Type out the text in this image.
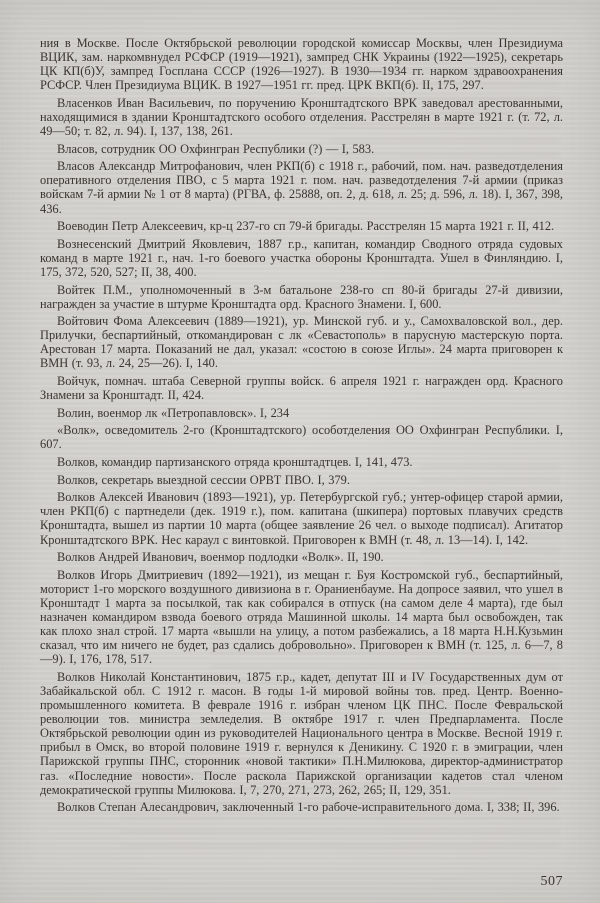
ния в Москве. После Октябрьской революции городской комиссар Москвы, член Президиума ВЦИК, зам. наркомвнудел РСФСР (1919—1921), зампред СНК Украины (1922—1925), секретарь ЦК КП(б)У, зампред Госплана СССР (1926—1927). В 1930—1934 гг. нарком здравоохранения РСФСР. Член Президиума ВЦИК. В 1927—1951 гг. пред. ЦРК ВКП(б). II, 175, 297.

Власенков Иван Васильевич, по поручению Кронштадтского ВРК заведовал арестованными, находящимися в здании Кронштадтского особого отделения. Расстрелян в марте 1921 г. (т. 72, л. 49—50; т. 82, л. 94). I, 137, 138, 261.

Власов, сотрудник ОО Охфингран Республики (?) — I, 583.

Власов Александр Митрофанович, член РКП(б) с 1918 г., рабочий, пом. нач. разведотделения оперативного отделения ПВО, с 5 марта 1921 г. пом. нач. разведотделения 7-й армии (приказ войскам 7-й армии № 1 от 8 марта) (РГВА, ф. 25888, оп. 2, д. 618, л. 25; д. 596, л. 18). I, 367, 398, 436.

Воеводин Петр Алексеевич, кр-ц 237-го сп 79-й бригады. Расстрелян 15 марта 1921 г. II, 412.

Вознесенский Дмитрий Яковлевич, 1887 г.р., капитан, командир Сводного отряда судовых команд в марте 1921 г., нач. 1-го боевого участка обороны Кронштадта. Ушел в Финляндию. I, 175, 372, 520, 527; II, 38, 400.

Войтек П.М., уполномоченный в 3-м батальоне 238-го сп 80-й бригады 27-й дивизии, награжден за участие в штурме Кронштадта орд. Красного Знамени. I, 600.

Войтович Фома Алексеевич (1889—1921), ур. Минской губ. и у., Самохваловской вол., дер. Прилучки, беспартийный, откомандирован с лк «Севастополь» в парусную мастерскую порта. Арестован 17 марта. Показаний не дал, указал: «состою в союзе Иглы». 24 марта приговорен к ВМН (т. 93, л. 24, 25—26). I, 140.

Войчук, помнач. штаба Северной группы войск. 6 апреля 1921 г. награжден орд. Красного Знамени за Кронштадт. II, 424.

Волин, военмор лк «Петропавловск». I, 234

«Волк», осведомитель 2-го (Кронштадтского) особотделения ОО Охфингран Республики. I, 607.

Волков, командир партизанского отряда кронштадтцев. I, 141, 473.

Волков, секретарь выездной сессии ОРВТ ПВО. I, 379.

Волков Алексей Иванович (1893—1921), ур. Петербургской губ.; унтер-офицер старой армии, член РКП(б) с партнедели (дек. 1919 г.), пом. капитана (шкипера) портовых плавучих средств Кронштадта, вышел из партии 10 марта (общее заявление 26 чел. о выходе подписал). Агитатор Кронштадтского ВРК. Нес караул с винтовкой. Приговорен к ВМН (т. 48, л. 13—14). I, 142.

Волков Андрей Иванович, военмор подлодки «Волк». II, 190.

Волков Игорь Дмитриевич (1892—1921), из мещан г. Буя Костромской губ., беспартийный, моторист 1-го морского воздушного дивизиона в г. Ораниенбауме. На допросе заявил, что ушел в Кронштадт 1 марта за посылкой, так как собирался в отпуск (на самом деле 4 марта), где был назначен командиром взвода боевого отряда Машинной школы. 14 марта был освобожден, так как плохо знал строй. 17 марта «вышли на улицу, а потом разбежались, а 18 марта Н.Н.Кузьмин сказал, что им ничего не будет, раз сдались добровольно». Приговорен к ВМН (т. 125, л. 6—7, 8—9). I, 176, 178, 517.

Волков Николай Константинович, 1875 г.р., кадет, депутат III и IV Государственных дум от Забайкальской обл. С 1912 г. масон. В годы 1-й мировой войны тов. пред. Центр. Военно-промышленного комитета. В феврале 1916 г. избран членом ЦК ПНС. После Февральской революции тов. министра земледелия. В октябре 1917 г. член Предпарламента. После Октябрьской революции один из руководителей Национального центра в Москве. Весной 1919 г. прибыл в Омск, во второй половине 1919 г. вернулся к Деникину. С 1920 г. в эмиграции, член Парижской группы ПНС, сторонник «новой тактики» П.Н.Милюкова, директор-администратор газ. «Последние новости». После раскола Парижской организации кадетов стал членом демократической группы Милюкова. I, 7, 270, 271, 273, 262, 265; II, 129, 351.

Волков Степан Алесандрович, заключенный 1-го рабоче-исправительного дома. I, 338; II, 396.

507
